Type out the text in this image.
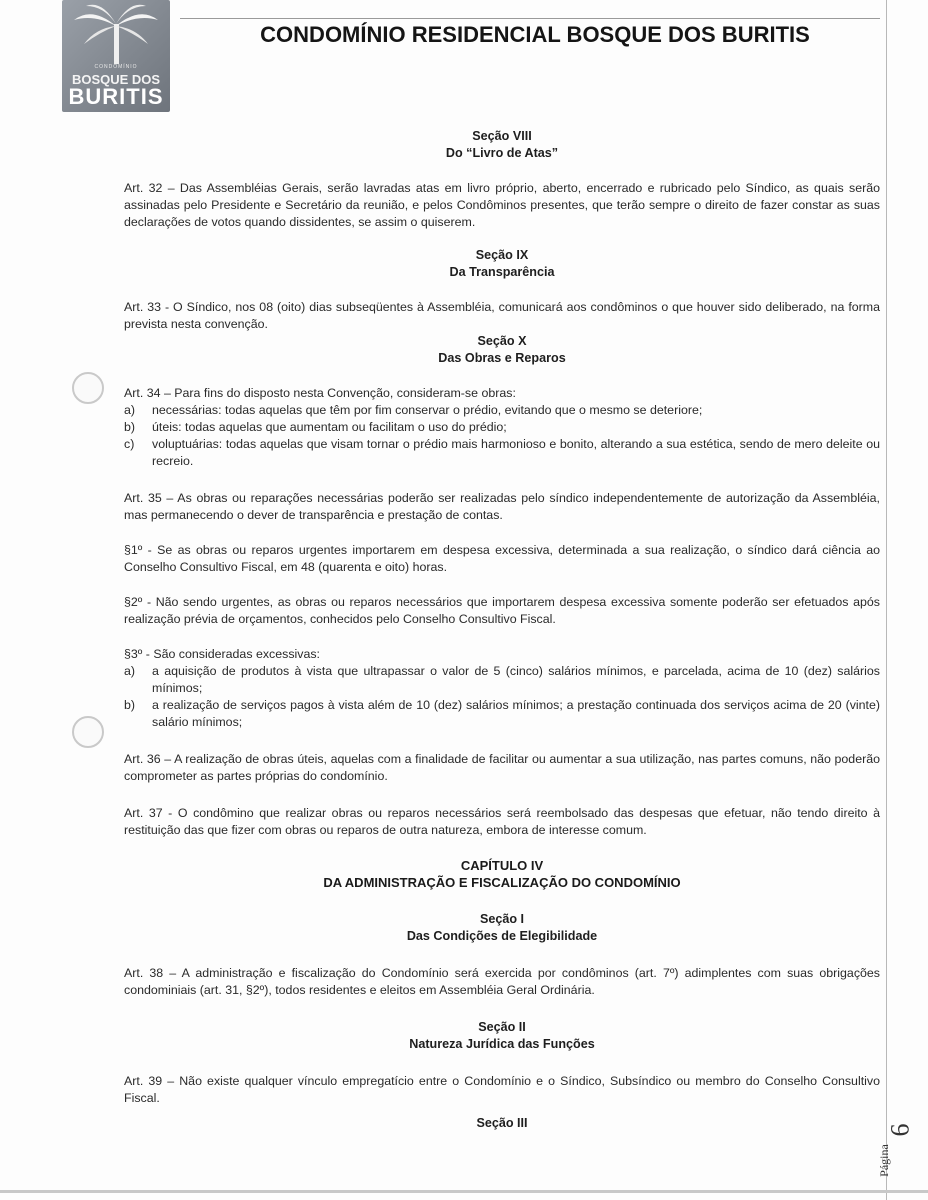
CONDOMÍNIO
BOSQUE DOS
BURITIS
CONDOMÍNIO RESIDENCIAL BOSQUE DOS BURITIS
Seção VIII
Do “Livro de Atas”

Art. 32 – Das Assembléias Gerais, serão lavradas atas em livro próprio, aberto, encerrado e rubricado pelo Síndico, as quais serão assinadas pelo Presidente e Secretário da reunião, e pelos Condôminos presentes, que terão sempre o direito de fazer constar as suas declarações de votos quando dissidentes, se assim o quiserem.

Seção IX
Da Transparência

Art. 33 - O Síndico, nos 08 (oito) dias subseqüentes à Assembléia, comunicará aos condôminos o que houver sido deliberado, na forma prevista nesta convenção.

Seção X
Das Obras e Reparos

Art. 34 – Para fins do disposto nesta Convenção, consideram-se obras:

a)	necessárias: todas aquelas que têm por fim conservar o prédio, evitando que o mesmo se deteriore;
b)	úteis: todas aquelas que aumentam ou facilitam o uso do prédio;
c)	voluptuárias: todas aquelas que visam tornar o prédio mais harmonioso e bonito, alterando a sua estética, sendo de mero deleite ou recreio.

Art. 35 – As obras ou reparações necessárias poderão ser realizadas pelo síndico independentemente de autorização da Assembléia, mas permanecendo o dever de transparência e prestação de contas.

§1º - Se as obras ou reparos urgentes importarem em despesa excessiva, determinada a sua realização, o síndico dará ciência ao Conselho Consultivo Fiscal, em 48 (quarenta e oito) horas.

§2º - Não sendo urgentes, as obras ou reparos necessários que importarem despesa excessiva somente poderão ser efetuados após realização prévia de orçamentos, conhecidos pelo Conselho Consultivo Fiscal.

§3º - São consideradas excessivas:

a)	a aquisição de produtos à vista que ultrapassar o valor de 5 (cinco) salários mínimos, e parcelada, acima de 10 (dez) salários mínimos;
b)	a realização de serviços pagos à vista além de 10 (dez) salários mínimos; a prestação continuada dos serviços acima de 20 (vinte) salário mínimos;

Art. 36 – A realização de obras úteis, aquelas com a finalidade de facilitar ou aumentar a sua utilização, nas partes comuns, não poderão comprometer as partes próprias do condomínio.

Art. 37 - O condômino que realizar obras ou reparos necessários será reembolsado das despesas que efetuar, não tendo direito à restituição das que fizer com obras ou reparos de outra natureza, embora de interesse comum.

CAPÍTULO IV
DA ADMINISTRAÇÃO E FISCALIZAÇÃO DO CONDOMÍNIO
Seção I
Das Condições de Elegibilidade

Art. 38 – A administração e fiscalização do Condomínio será exercida por condôminos (art. 7º) adimplentes com suas obrigações condominiais (art. 31, §2º), todos residentes e eleitos em Assembléia Geral Ordinária.

Seção II
Natureza Jurídica das Funções

Art. 39 – Não existe qualquer vínculo empregatício entre o Condomínio e o Síndico, Subsíndico ou membro do Conselho Consultivo Fiscal.

Seção III	6
Página
